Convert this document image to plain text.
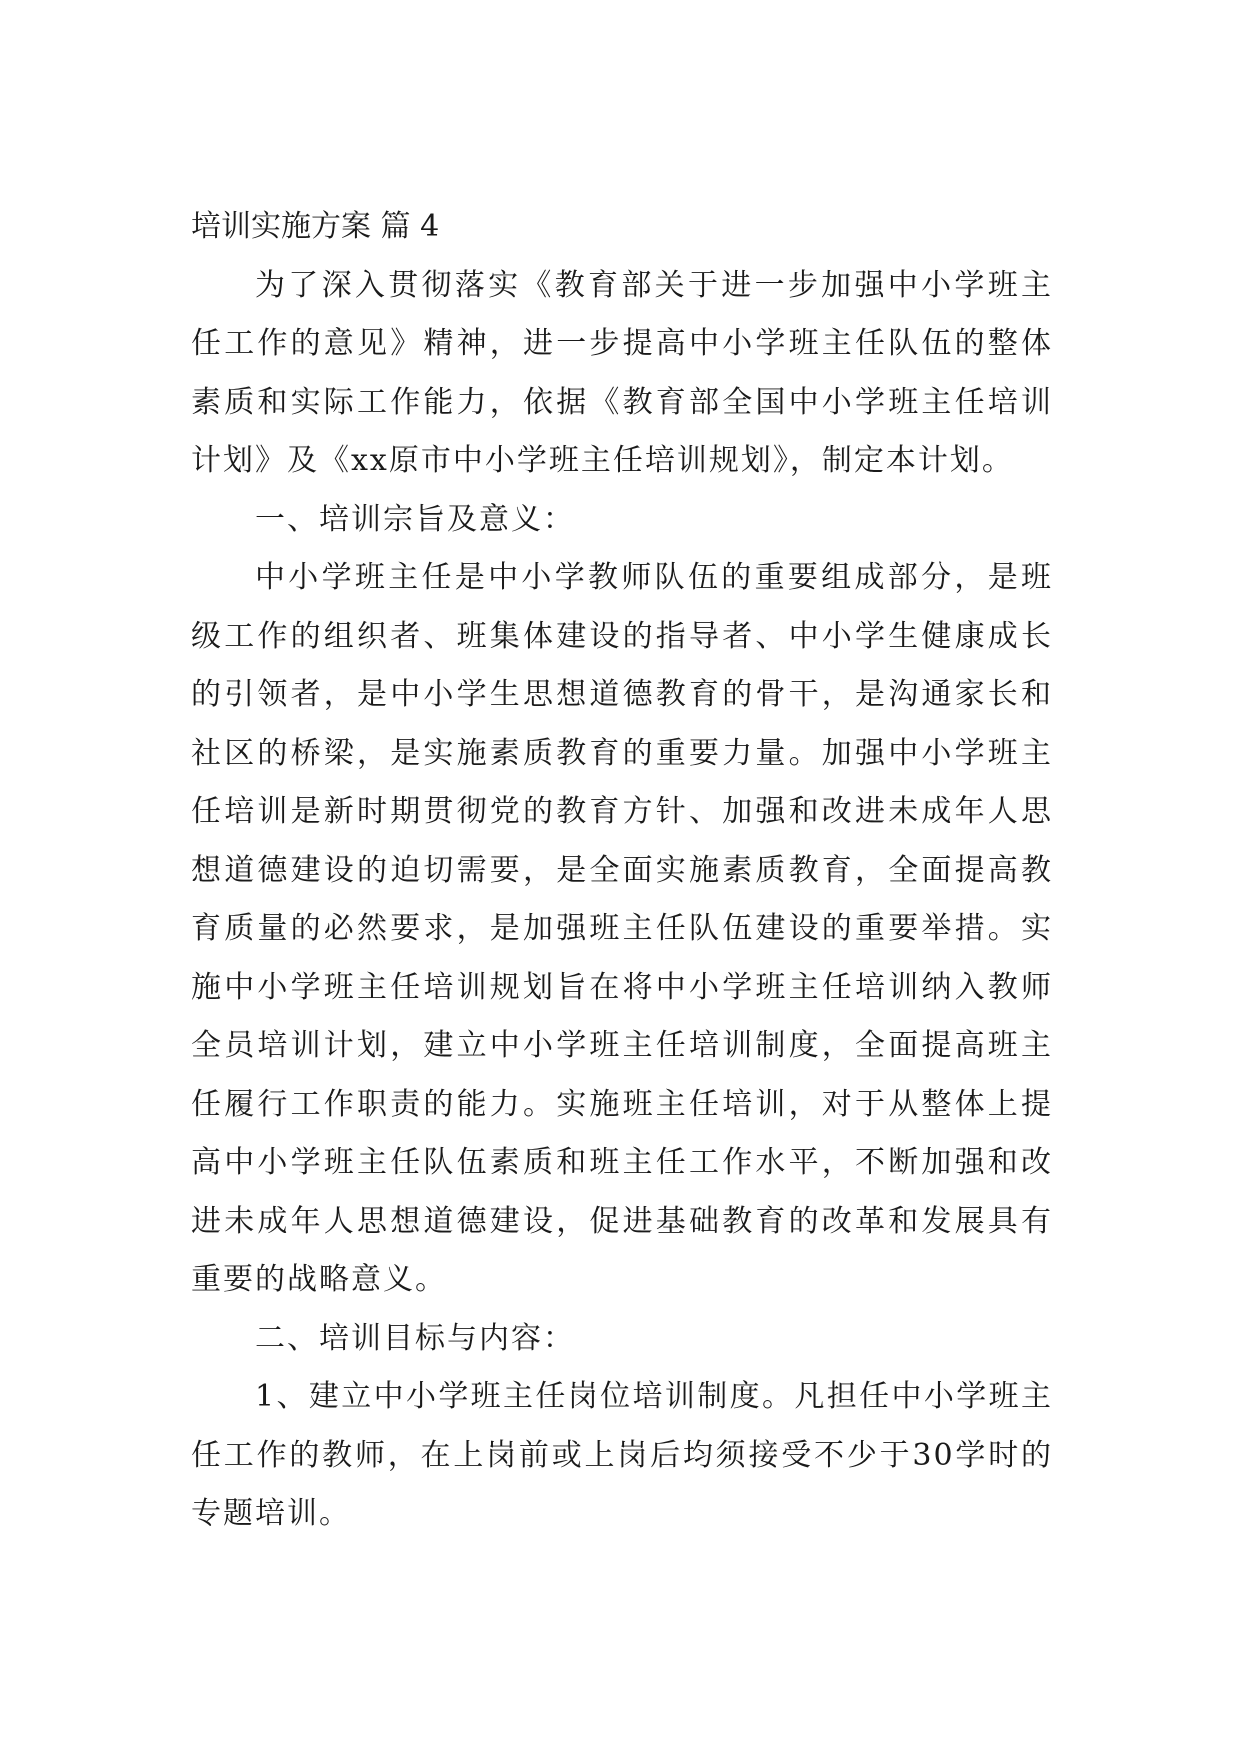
培训实施方案 篇 4

为了深入贯彻落实《教育部关于进一步加强中小学班主任工作的意见》精神，进一步提高中小学班主任队伍的整体素质和实际工作能力，依据《教育部全国中小学班主任培训计划》及《xx原市中小学班主任培训规划》，制定本计划。

一、培训宗旨及意义：

中小学班主任是中小学教师队伍的重要组成部分，是班级工作的组织者、班集体建设的指导者、中小学生健康成长的引领者，是中小学生思想道德教育的骨干，是沟通家长和社区的桥梁，是实施素质教育的重要力量。加强中小学班主任培训是新时期贯彻党的教育方针、加强和改进未成年人思想道德建设的迫切需要，是全面实施素质教育，全面提高教育质量的必然要求，是加强班主任队伍建设的重要举措。实施中小学班主任培训规划旨在将中小学班主任培训纳入教师全员培训计划，建立中小学班主任培训制度，全面提高班主任履行工作职责的能力。实施班主任培训，对于从整体上提高中小学班主任队伍素质和班主任工作水平，不断加强和改进未成年人思想道德建设，促进基础教育的改革和发展具有重要的战略意义。

二、培训目标与内容：

1、建立中小学班主任岗位培训制度。凡担任中小学班主任工作的教师，在上岗前或上岗后均须接受不少于30学时的专题培训。
